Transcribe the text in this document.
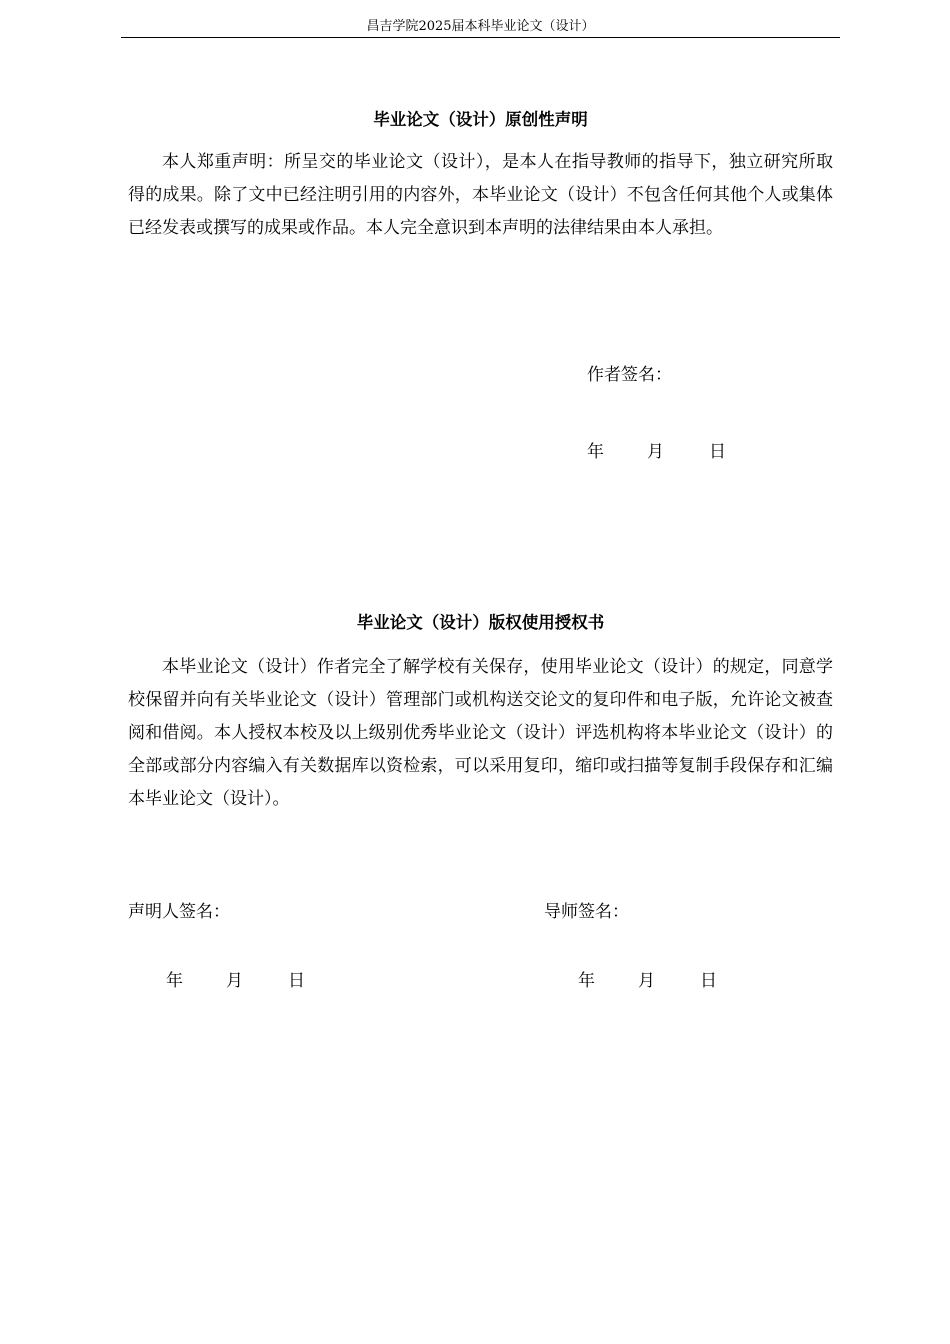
昌吉学院2025届本科毕业论文（设计）
毕业论文（设计）原创性声明

本人郑重声明：所呈交的毕业论文（设计），是本人在指导教师的指导下，独立研究所取得的成果。除了文中已经注明引用的内容外，本毕业论文（设计）不包含任何其他个人或集体已经发表或撰写的成果或作品。本人完全意识到本声明的法律结果由本人承担。

作者签名：
年	月	日
毕业论文（设计）版权使用授权书

本毕业论文（设计）作者完全了解学校有关保存，使用毕业论文（设计）的规定，同意学校保留并向有关毕业论文（设计）管理部门或机构送交论文的复印件和电子版，允许论文被查阅和借阅。本人授权本校及以上级别优秀毕业论文（设计）评选机构将本毕业论文（设计）的全部或部分内容编入有关数据库以资检索，可以采用复印，缩印或扫描等复制手段保存和汇编本毕业论文（设计）。

声明人签名：	导师签名：
年	月	日	年	月	日
